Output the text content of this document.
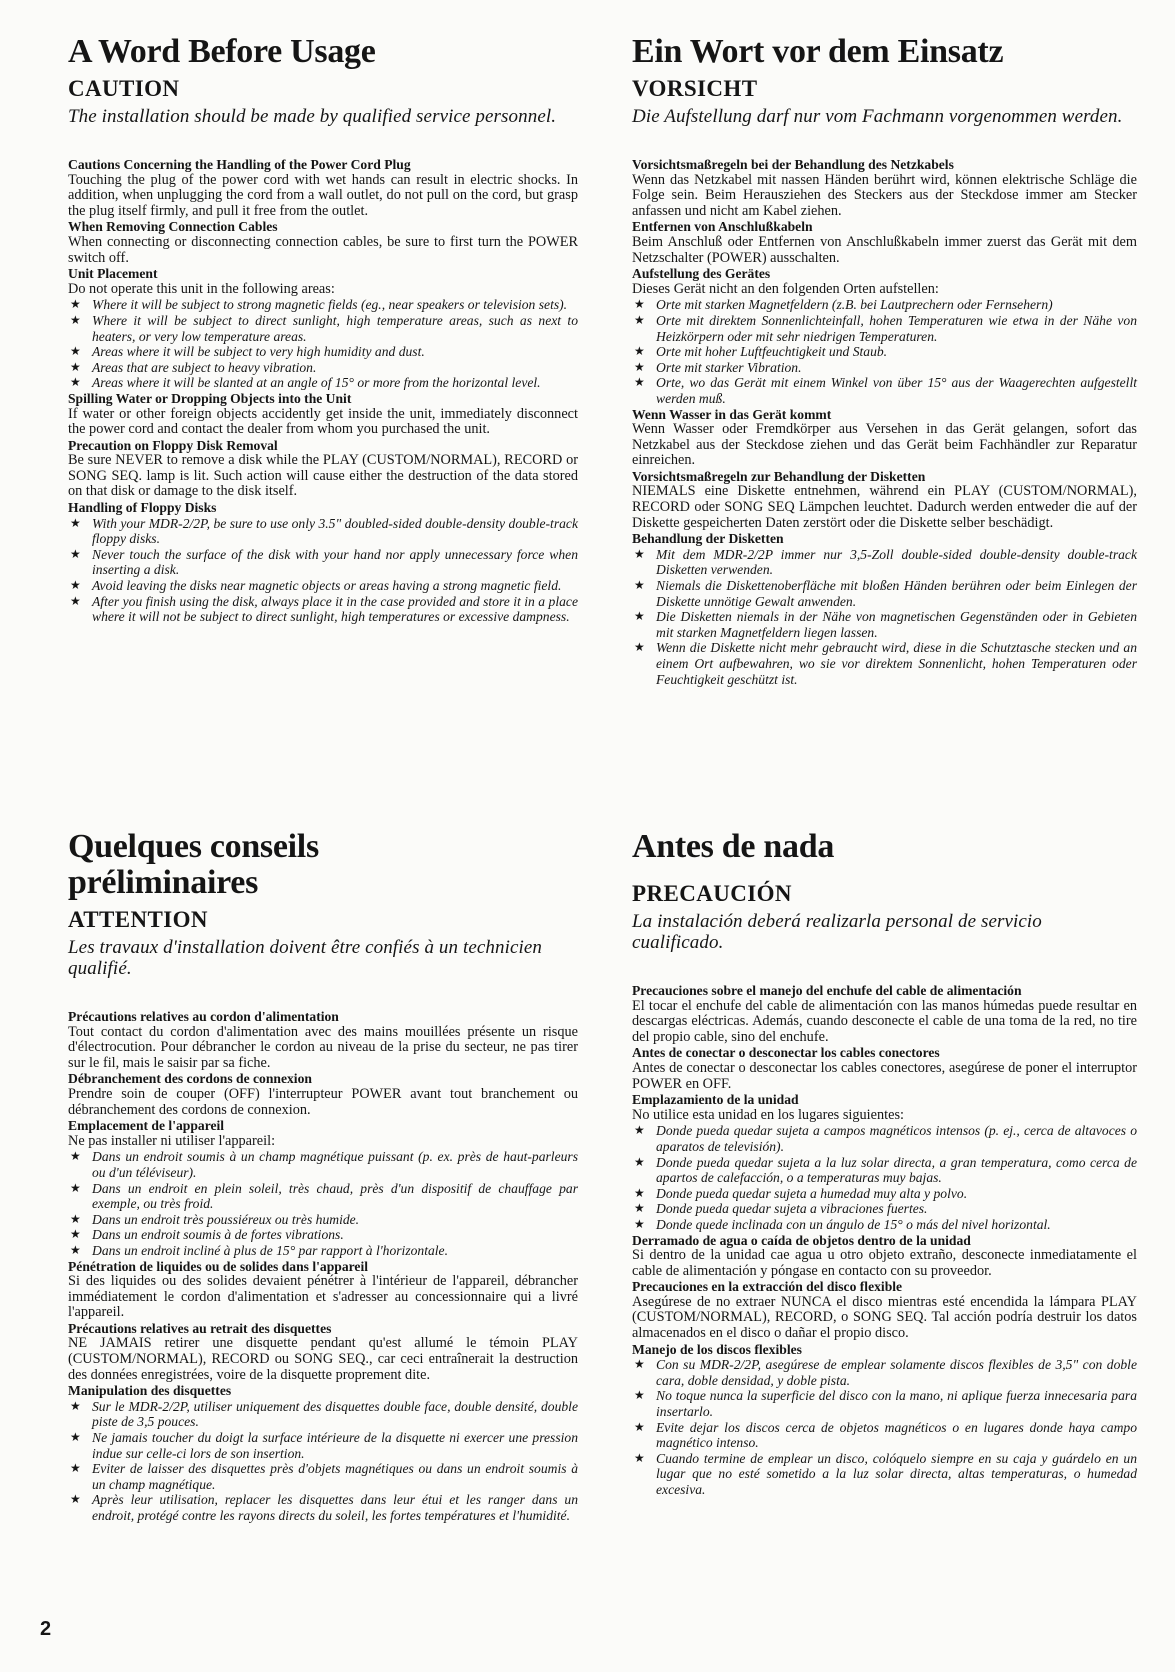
A Word Before Usage
CAUTION

The installation should be made by qualified service personnel.

Cautions Concerning the Handling of the Power Cord Plug
Touching the plug of the power cord with wet hands can result in electric shocks. In addition, when unplugging the cord from a wall outlet, do not pull on the cord, but grasp the plug itself firmly, and pull it free from the outlet.
When Removing Connection Cables
When connecting or disconnecting connection cables, be sure to first turn the POWER switch off.
Unit Placement
Do not operate this unit in the following areas:
★ Where it will be subject to strong magnetic fields (eg., near speakers or television sets).
★ Where it will be subject to direct sunlight, high temperature areas, such as next to heaters, or very low temperature areas.
★ Areas where it will be subject to very high humidity and dust.
★ Areas that are subject to heavy vibration.
★ Areas where it will be slanted at an angle of 15° or more from the horizontal level.
Spilling Water or Dropping Objects into the Unit
If water or other foreign objects accidently get inside the unit, immediately disconnect the power cord and contact the dealer from whom you purchased the unit.
Precaution on Floppy Disk Removal
Be sure NEVER to remove a disk while the PLAY (CUSTOM/NORMAL), RECORD or SONG SEQ. lamp is lit. Such action will cause either the destruction of the data stored on that disk or damage to the disk itself.
Handling of Floppy Disks
★ With your MDR-2/2P, be sure to use only 3.5" doubled-sided double-density double-track floppy disks.
★ Never touch the surface of the disk with your hand nor apply unnecessary force when inserting a disk.
★ Avoid leaving the disks near magnetic objects or areas having a strong magnetic field.
★ After you finish using the disk, always place it in the case provided and store it in a place where it will not be subject to direct sunlight, high temperatures or excessive dampness.
Ein Wort vor dem Einsatz
VORSICHT

Die Aufstellung darf nur vom Fachmann vorgenommen werden.

Vorsichtsmaßregeln bei der Behandlung des Netzkabels
Wenn das Netzkabel mit nassen Händen berührt wird, können elektrische Schläge die Folge sein. Beim Herausziehen des Steckers aus der Steckdose immer am Stecker anfassen und nicht am Kabel ziehen.
Entfernen von Anschlußkabeln
Beim Anschluß oder Entfernen von Anschlußkabeln immer zuerst das Gerät mit dem Netzschalter (POWER) ausschalten.
Aufstellung des Gerätes
Dieses Gerät nicht an den folgenden Orten aufstellen:
★ Orte mit starken Magnetfeldern (z.B. bei Lautprechern oder Fernsehern)
★ Orte mit direktem Sonnenlichteinfall, hohen Temperaturen wie etwa in der Nähe von Heizkörpern oder mit sehr niedrigen Temperaturen.
★ Orte mit hoher Luftfeuchtigkeit und Staub.
★ Orte mit starker Vibration.
★ Orte, wo das Gerät mit einem Winkel von über 15° aus der Waagerechten aufgestellt werden muß.
Wenn Wasser in das Gerät kommt
Wenn Wasser oder Fremdkörper aus Versehen in das Gerät gelangen, sofort das Netzkabel aus der Steckdose ziehen und das Gerät beim Fachhändler zur Reparatur einreichen.
Vorsichtsmaßregeln zur Behandlung der Disketten
NIEMALS eine Diskette entnehmen, während ein PLAY (CUSTOM/NORMAL), RECORD oder SONG SEQ Lämpchen leuchtet. Dadurch werden entweder die auf der Diskette gespeicherten Daten zerstört oder die Diskette selber beschädigt.
Behandlung der Disketten
★ Mit dem MDR-2/2P immer nur 3,5-Zoll double-sided double-density double-track Disketten verwenden.
★ Niemals die Diskettenoberfläche mit bloßen Händen berühren oder beim Einlegen der Diskette unnötige Gewalt anwenden.
★ Die Disketten niemals in der Nähe von magnetischen Gegenständen oder in Gebieten mit starken Magnetfeldern liegen lassen.
★ Wenn die Diskette nicht mehr gebraucht wird, diese in die Schutztasche stecken und an einem Ort aufbewahren, wo sie vor direktem Sonnenlicht, hohen Temperaturen oder Feuchtigkeit geschützt ist.
Quelques conseils préliminaires
ATTENTION

Les travaux d'installation doivent être confiés à un technicien qualifié.

Précautions relatives au cordon d'alimentation
Tout contact du cordon d'alimentation avec des mains mouillées présente un risque d'électrocution. Pour débrancher le cordon au niveau de la prise du secteur, ne pas tirer sur le fil, mais le saisir par sa fiche.
Débranchement des cordons de connexion
Prendre soin de couper (OFF) l'interrupteur POWER avant tout branchement ou débranchement des cordons de connexion.
Emplacement de l'appareil
Ne pas installer ni utiliser l'appareil:
★ Dans un endroit soumis à un champ magnétique puissant (p. ex. près de haut-parleurs ou d'un téléviseur).
★ Dans un endroit en plein soleil, très chaud, près d'un dispositif de chauffage par exemple, ou très froid.
★ Dans un endroit très poussiéreux ou très humide.
★ Dans un endroit soumis à de fortes vibrations.
★ Dans un endroit incliné à plus de 15° par rapport à l'horizontale.
Pénétration de liquides ou de solides dans l'appareil
Si des liquides ou des solides devaient pénétrer à l'intérieur de l'appareil, débrancher immédiatement le cordon d'alimentation et s'adresser au concessionnaire qui a livré l'appareil.
Précautions relatives au retrait des disquettes
NE JAMAIS retirer une disquette pendant qu'est allumé le témoin PLAY (CUSTOM/NORMAL), RECORD ou SONG SEQ., car ceci entraînerait la destruction des données enregistrées, voire de la disquette proprement dite.
Manipulation des disquettes
★ Sur le MDR-2/2P, utiliser uniquement des disquettes double face, double densité, double piste de 3,5 pouces.
★ Ne jamais toucher du doigt la surface intérieure de la disquette ni exercer une pression indue sur celle-ci lors de son insertion.
★ Eviter de laisser des disquettes près d'objets magnétiques ou dans un endroit soumis à un champ magnétique.
★ Après leur utilisation, replacer les disquettes dans leur étui et les ranger dans un endroit, protégé contre les rayons directs du soleil, les fortes températures et l'humidité.
Antes de nada
PRECAUCIÓN

La instalación deberá realizarla personal de servicio cualificado.

Precauciones sobre el manejo del enchufe del cable de alimentación
El tocar el enchufe del cable de alimentación con las manos húmedas puede resultar en descargas eléctricas. Además, cuando desconecte el cable de una toma de la red, no tire del propio cable, sino del enchufe.
Antes de conectar o desconectar los cables conectores
Antes de conectar o desconectar los cables conectores, asegúrese de poner el interruptor POWER en OFF.
Emplazamiento de la unidad
No utilice esta unidad en los lugares siguientes:
★ Donde pueda quedar sujeta a campos magnéticos intensos (p. ej., cerca de altavoces o aparatos de televisión).
★ Donde pueda quedar sujeta a la luz solar directa, a gran temperatura, como cerca de apartos de calefacción, o a temperaturas muy bajas.
★ Donde pueda quedar sujeta a humedad muy alta y polvo.
★ Donde pueda quedar sujeta a vibraciones fuertes.
★ Donde quede inclinada con un ángulo de 15° o más del nivel horizontal.
Derramado de agua o caída de objetos dentro de la unidad
Si dentro de la unidad cae agua u otro objeto extraño, desconecte inmediatamente el cable de alimentación y póngase en contacto con su proveedor.
Precauciones en la extracción del disco flexible
Asegúrese de no extraer NUNCA el disco mientras esté encendida la lámpara PLAY (CUSTOM/NORMAL), RECORD, o SONG SEQ. Tal acción podría destruir los datos almacenados en el disco o dañar el propio disco.
Manejo de los discos flexibles
★ Con su MDR-2/2P, asegúrese de emplear solamente discos flexibles de 3,5" con doble cara, doble densidad, y doble pista.
★ No toque nunca la superficie del disco con la mano, ni aplique fuerza innecesaria para insertarlo.
★ Evite dejar los discos cerca de objetos magnéticos o en lugares donde haya campo magnético intenso.
★ Cuando termine de emplear un disco, colóquelo siempre en su caja y guárdelo en un lugar que no esté sometido a la luz solar directa, altas temperaturas, o humedad excesiva.
2
